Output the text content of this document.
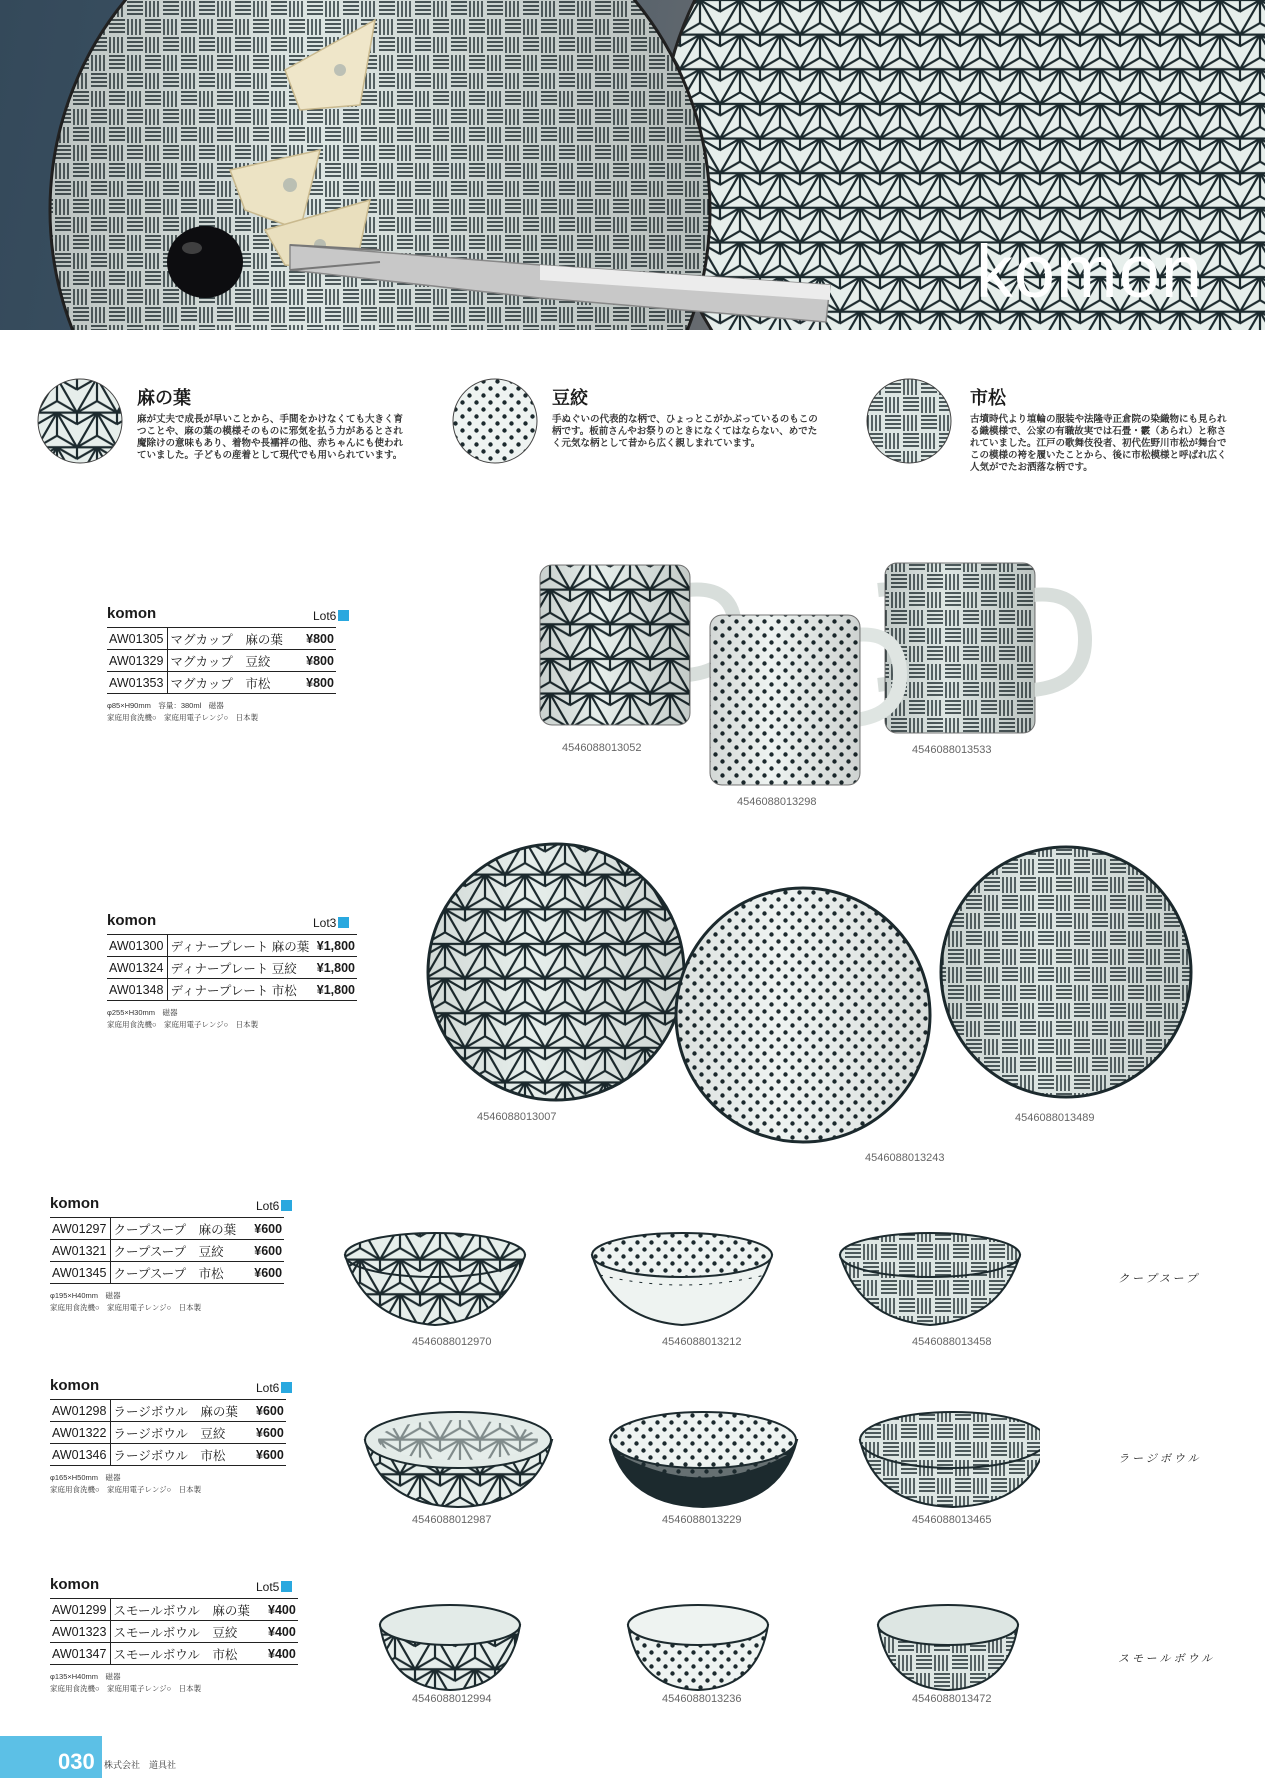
komon
麻の葉
麻が丈夫で成長が早いことから、手間をかけなくても大きく育つことや、麻の葉の模様そのものに邪気を払う力があるとされ魔除けの意味もあり、着物や長襦袢の他、赤ちゃんにも使われていました。子どもの産着として現代でも用いられています。
豆絞
手ぬぐいの代表的な柄で、ひょっとこがかぶっているのもこの柄です。板前さんやお祭りのときになくてはならない、めでたく元気な柄として昔から広く親しまれています。
市松
古墳時代より埴輪の服装や法隆寺正倉院の染織物にも見られる織模様で、公家の有職故実では石畳・霰（あられ）と称されていました。江戸の歌舞伎役者、初代佐野川市松が舞台でこの模様の袴を履いたことから、後に市松模様と呼ばれ広く人気がでたお洒落な柄です。
komon	Lot6
AW01305	マグカップ　麻の葉	¥800
AW01329	マグカップ　豆絞	¥800
AW01353	マグカップ　市松	¥800
φ85×H90mm　容量：380ml　磁器
家庭用食洗機○　家庭用電子レンジ○　日本製
4546088013052
4546088013298
4546088013533
komon	Lot3
AW01300	ディナープレート 麻の葉	¥1,800
AW01324	ディナープレート 豆絞	¥1,800
AW01348	ディナープレート 市松	¥1,800
φ255×H30mm　磁器
家庭用食洗機○　家庭用電子レンジ○　日本製
4546088013007
4546088013243
4546088013489
komon	Lot6
AW01297	クープスープ　麻の葉	¥600
AW01321	クープスープ　豆絞	¥600
AW01345	クープスープ　市松	¥600
φ195×H40mm　磁器
家庭用食洗機○　家庭用電子レンジ○　日本製
4546088012970	4546088013212	4546088013458
クープスープ
komon	Lot6
AW01298	ラージボウル　麻の葉	¥600
AW01322	ラージボウル　豆絞	¥600
AW01346	ラージボウル　市松	¥600
φ165×H50mm　磁器
家庭用食洗機○　家庭用電子レンジ○　日本製
4546088012987	4546088013229	4546088013465
ラージボウル
komon	Lot5
AW01299	スモールボウル　麻の葉	¥400
AW01323	スモールボウル　豆絞	¥400
AW01347	スモールボウル　市松	¥400
φ135×H40mm　磁器
家庭用食洗機○　家庭用電子レンジ○　日本製
4546088012994	4546088013236	4546088013472
スモールボウル
030 株式会社　道具社
